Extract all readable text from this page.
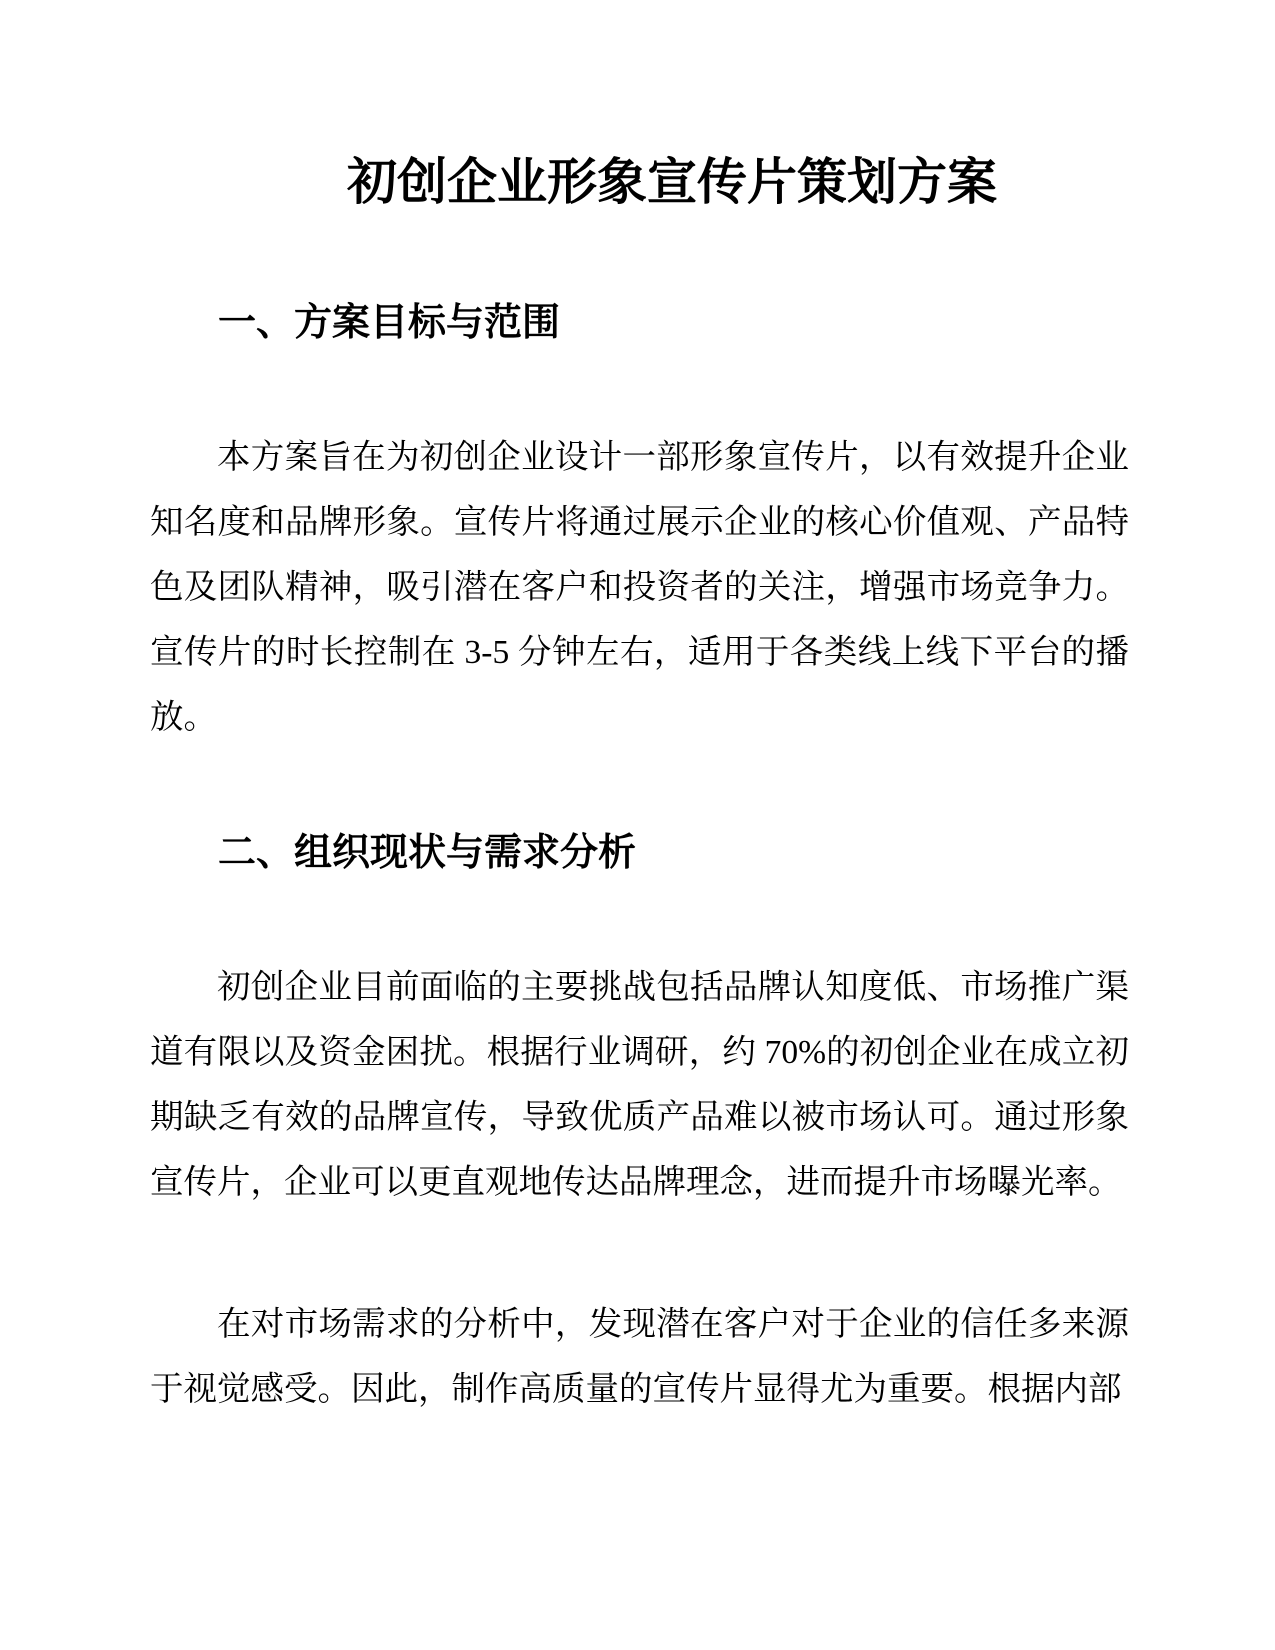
初创企业形象宣传片策划方案
一、方案目标与范围
本方案旨在为初创企业设计一部形象宣传片，以有效提升企业
知名度和品牌形象。宣传片将通过展示企业的核心价值观、产品特
色及团队精神，吸引潜在客户和投资者的关注，增强市场竞争力。
宣传片的时长控制在 3-5 分钟左右，适用于各类线上线下平台的播
放。
二、组织现状与需求分析
初创企业目前面临的主要挑战包括品牌认知度低、市场推广渠
道有限以及资金困扰。根据行业调研，约 70%的初创企业在成立初
期缺乏有效的品牌宣传，导致优质产品难以被市场认可。通过形象
宣传片，企业可以更直观地传达品牌理念，进而提升市场曝光率。
在对市场需求的分析中，发现潜在客户对于企业的信任多来源
于视觉感受。因此，制作高质量的宣传片显得尤为重要。根据内部
